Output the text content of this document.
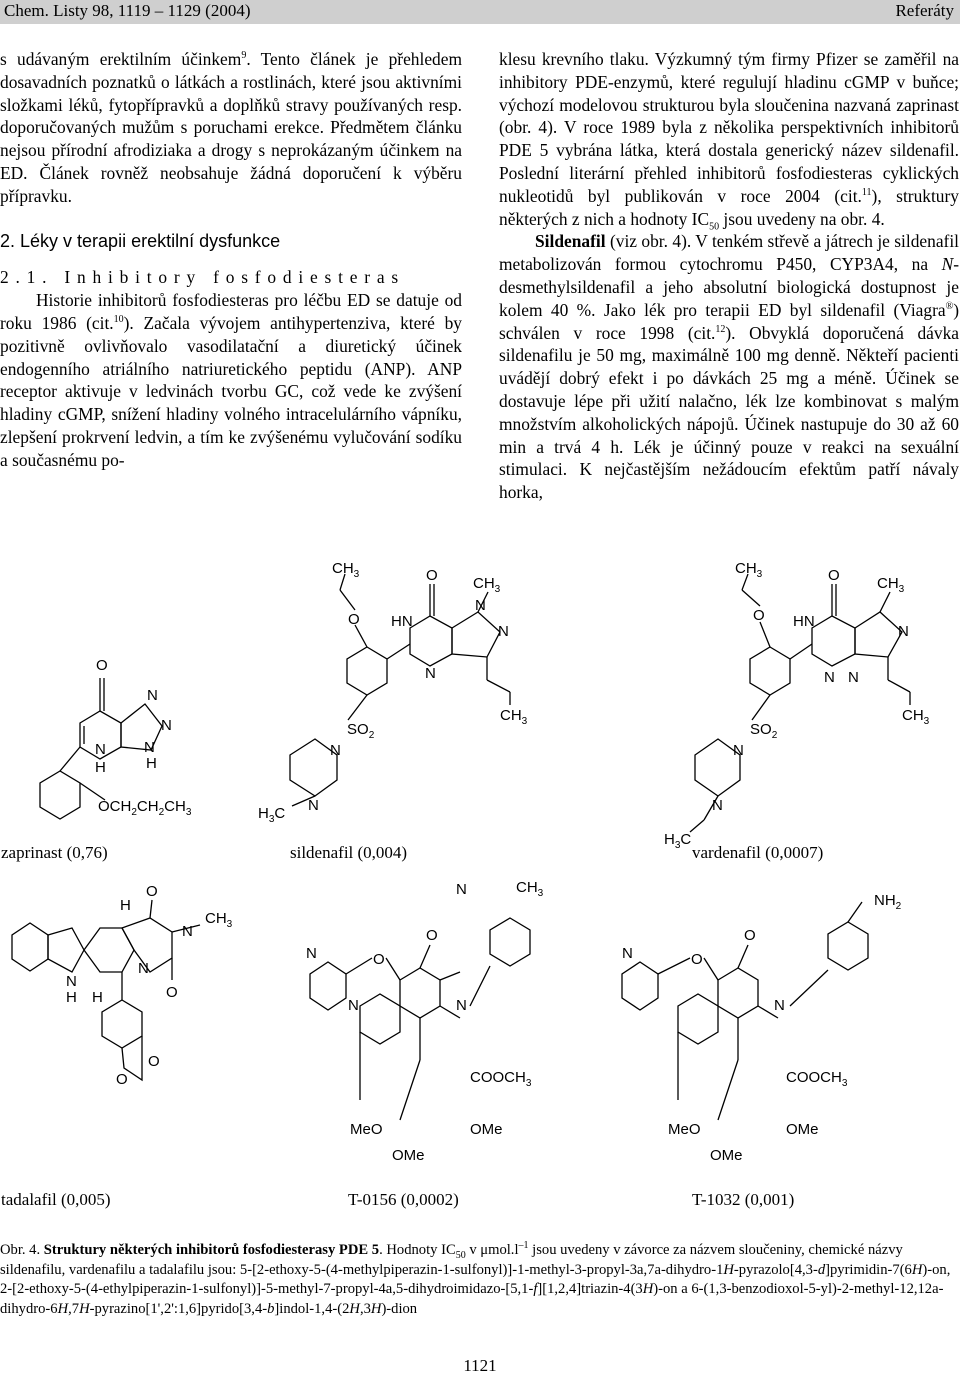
Chem. Listy 98, 1119 – 1129 (2004)	Referáty

s udávaným erektilním účinkem$^9$. Tento článek je přehledem dosavadních poznatků o látkách a rostlinách, které jsou aktivními složkami léků, fytopřípravků a doplňků stravy používaných resp. doporučovaných mužům s poruchami erekce. Předmětem článku nejsou přírodní afrodiziaka a drogy s neprokázaným účinkem na ED. Článek rovněž neobsahuje žádná doporučení k výběru přípravku.

2. Léky v terapii erektilní dysfunkce

2.1. Inhibitory fosfodiesteras

Historie inhibitorů fosfodiesteras pro léčbu ED se datuje od roku 1986 (cit.$^{10}$). Začala vývojem antihypertenziva, které by pozitivně ovlivňovalo vasodilatační a diuretický účinek endogenního atriálního natriuretického peptidu (ANP). ANP receptor aktivuje v ledvinách tvorbu GC, což vede ke zvýšení hladiny cGMP, snížení hladiny volného intracelulárního vápníku, zlepšení prokrvení ledvin, a tím ke zvýšenému vylučování sodíku a současnému po-

klesu krevního tlaku. Výzkumný tým firmy Pfizer se zaměřil na inhibitory PDE-enzymů, které regulují hladinu cGMP v buňce; výchozí modelovou strukturou byla sloučenina nazvaná zaprinast (obr. 4). V roce 1989 byla z několika perspektivních inhibitorů PDE 5 vybrána látka, která dostala generický název sildenafil. Poslední literární přehled inhibitorů fosfodiesteras cyklických nukleotidů byl publikován v roce 2004 (cit.$^{11}$), struktury některých z nich a hodnoty $IC_{50}$ jsou uvedeny na obr. 4.

Sildenafil (viz obr. 4). V tenkém střevě a játrech je sildenafil metabolizován formou cytochromu P450, CYP3A4, na N-desmethylsildenafil a jeho absolutní biologická dostupnost je kolem 40 %. Jako lék pro terapii ED byl sildenafil (Viagra®) schválen v roce 1998 (cit.$^{12}$). Obvyklá doporučená dávka sildenafilu je 50 mg, maximálně 100 mg denně. Někteří pacienti uvádějí dobrý efekt i po dávkách 25 mg a méně. Účinek se dostavuje lépe při užití nalačno, lék lze kombinovat s malým množstvím alkoholických nápojů. Účinek nastupuje do 30 až 60 min a trvá 4 h. Lék je účinný pouze v reakci na sexuální stimulaci. K nejčastějším nežádoucím efektům patří návaly horka,

O
N
N
N
H
N
H
$OCH_2CH_2CH_3$
$CH_3$
O
O $CH_3$
HN
N
N
N
$CH_3$
$SO_2$
N
N
$H_3C$
$CH_3$
O
O $CH_3$
HN
N N
N
$CH_3$
$SO_2$
N
N
$H_3C$
zaprinast (0,76)	sildenafil (0,004)	vardenafil (0,0007)
H
O
$CH_3$
N
N
O
N
H H
O
O
N
N
O
O
N
N	$CH_3$
$COOCH_3$
MeO	OMe
OMe
N	O
O
N
$NH_2$
$COOCH_3$
MeO	OMe
OMe
tadalafil (0,005)	T-0156 (0,0002)	T-1032 (0,001)

Obr. 4. Struktury některých inhibitorů fosfodiesterasy PDE 5. Hodnoty $IC_{50}$ v $\mu mol.l^{-1}$ jsou uvedeny v závorce za názvem sloučeniny, chemické názvy sildenafilu, vardenafilu a tadalafilu jsou: 5-[2-ethoxy-5-(4-methylpiperazin-1-sulfonyl)]-1-methyl-3-propyl-3a,7a-dihydro-1H-pyrazolo[4,3-d]pyrimidin-7(6H)-on, 2-[2-ethoxy-5-(4-ethylpiperazin-1-sulfonyl)]-5-methyl-7-propyl-4a,5-dihydroimidazo-[5,1-f][1,2,4]triazin-4(3H)-on a 6-(1,3-benzodioxol-5-yl)-2-methyl-12,12a-dihydro-6H,7H-pyrazino[1',2':1,6]pyrido[3,4-b]indol-1,4-(2H,3H)-dion

1121
